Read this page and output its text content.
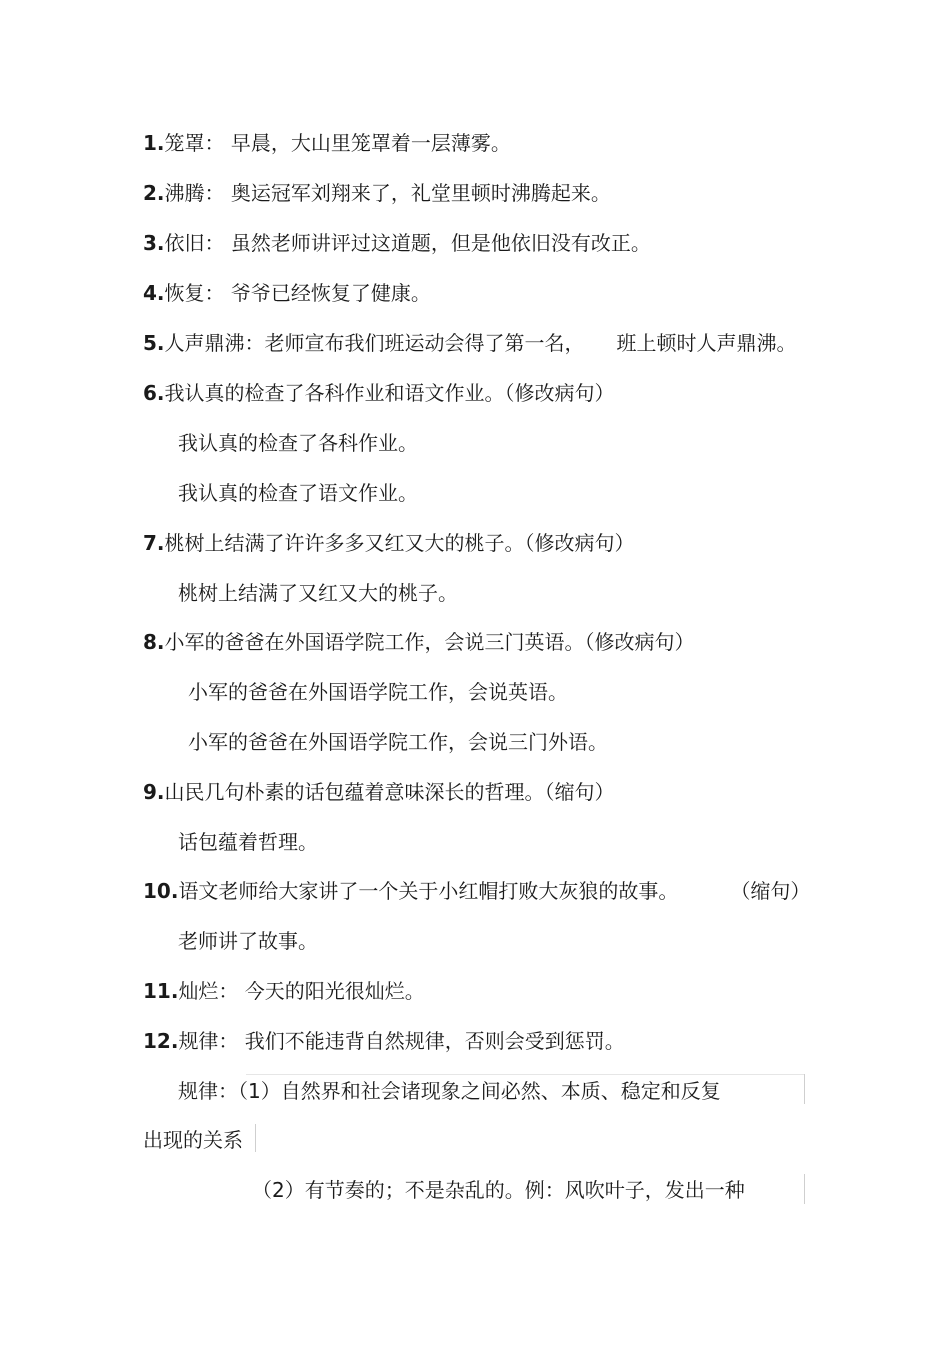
1.笼罩： 早晨，大山里笼罩着一层薄雾。
2.沸腾： 奥运冠军刘翔来了，礼堂里顿时沸腾起来。
3.依旧： 虽然老师讲评过这道题，但是他依旧没有改正。
4.恢复： 爷爷已经恢复了健康。
5.人声鼎沸：老师宣布我们班运动会得了第一名， 班上顿时人声鼎沸。
6.我认真的检查了各科作业和语文作业。（修改病句）
我认真的检查了各科作业。
我认真的检查了语文作业。
7.桃树上结满了许许多多又红又大的桃子。（修改病句）
桃树上结满了又红又大的桃子。
8.小军的爸爸在外国语学院工作，会说三门英语。（修改病句）
小军的爸爸在外国语学院工作，会说英语。
小军的爸爸在外国语学院工作，会说三门外语。
9.山民几句朴素的话包蕴着意味深长的哲理。（缩句）
话包蕴着哲理。
10.语文老师给大家讲了一个关于小红帽打败大灰狼的故事。	（缩句）
老师讲了故事。
11.灿烂： 今天的阳光很灿烂。
12.规律： 我们不能违背自然规律，否则会受到惩罚。
规律：（1）自然界和社会诸现象之间必然、本质、稳定和反复
出现的关系
（2）有节奏的；不是杂乱的。例：风吹叶子，发出一种
